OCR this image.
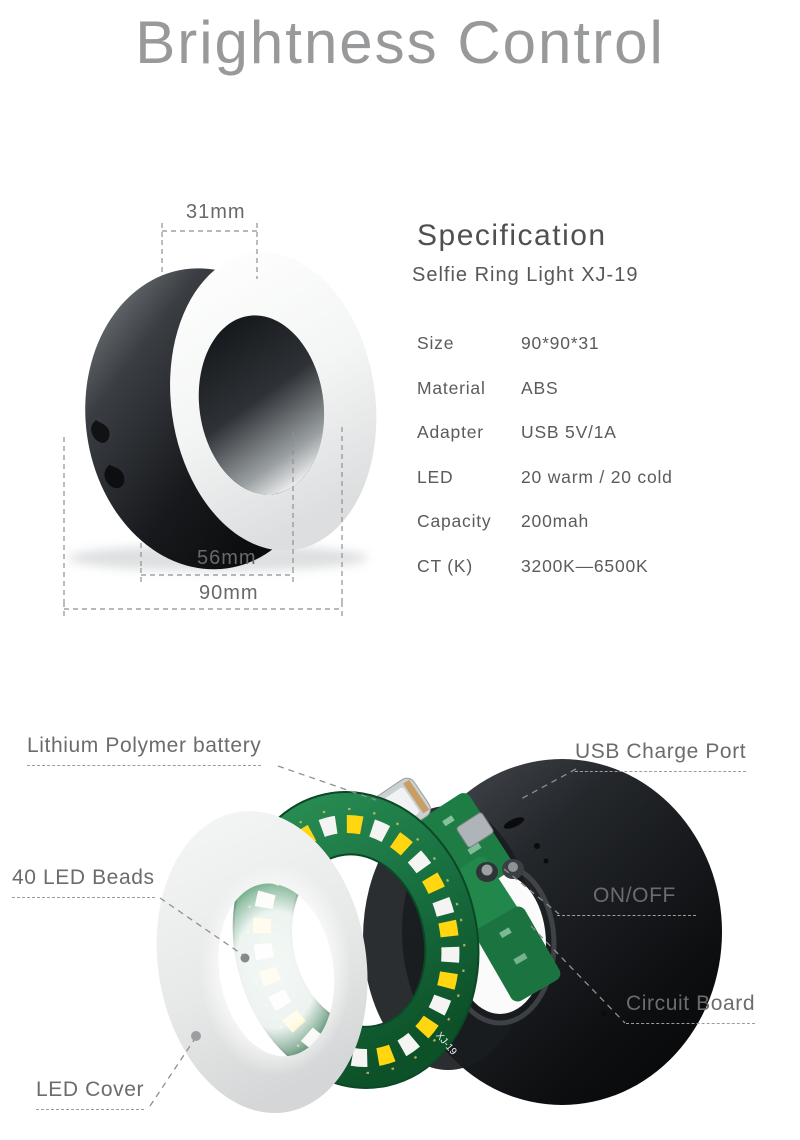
Brightness Control
31mm
56mm
90mm
Specification

Selfie Ring Light XJ-19

Size	90*90*31
Material	ABS
Adapter	USB 5V/1A
LED	20 warm / 20 cold
Capacity	200mah
CT (K)	3200K—6500K
XJ-19
Lithium Polymer battery	USB Charge Port
40 LED Beads
ON/OFF
Circuit Board
LED Cover
